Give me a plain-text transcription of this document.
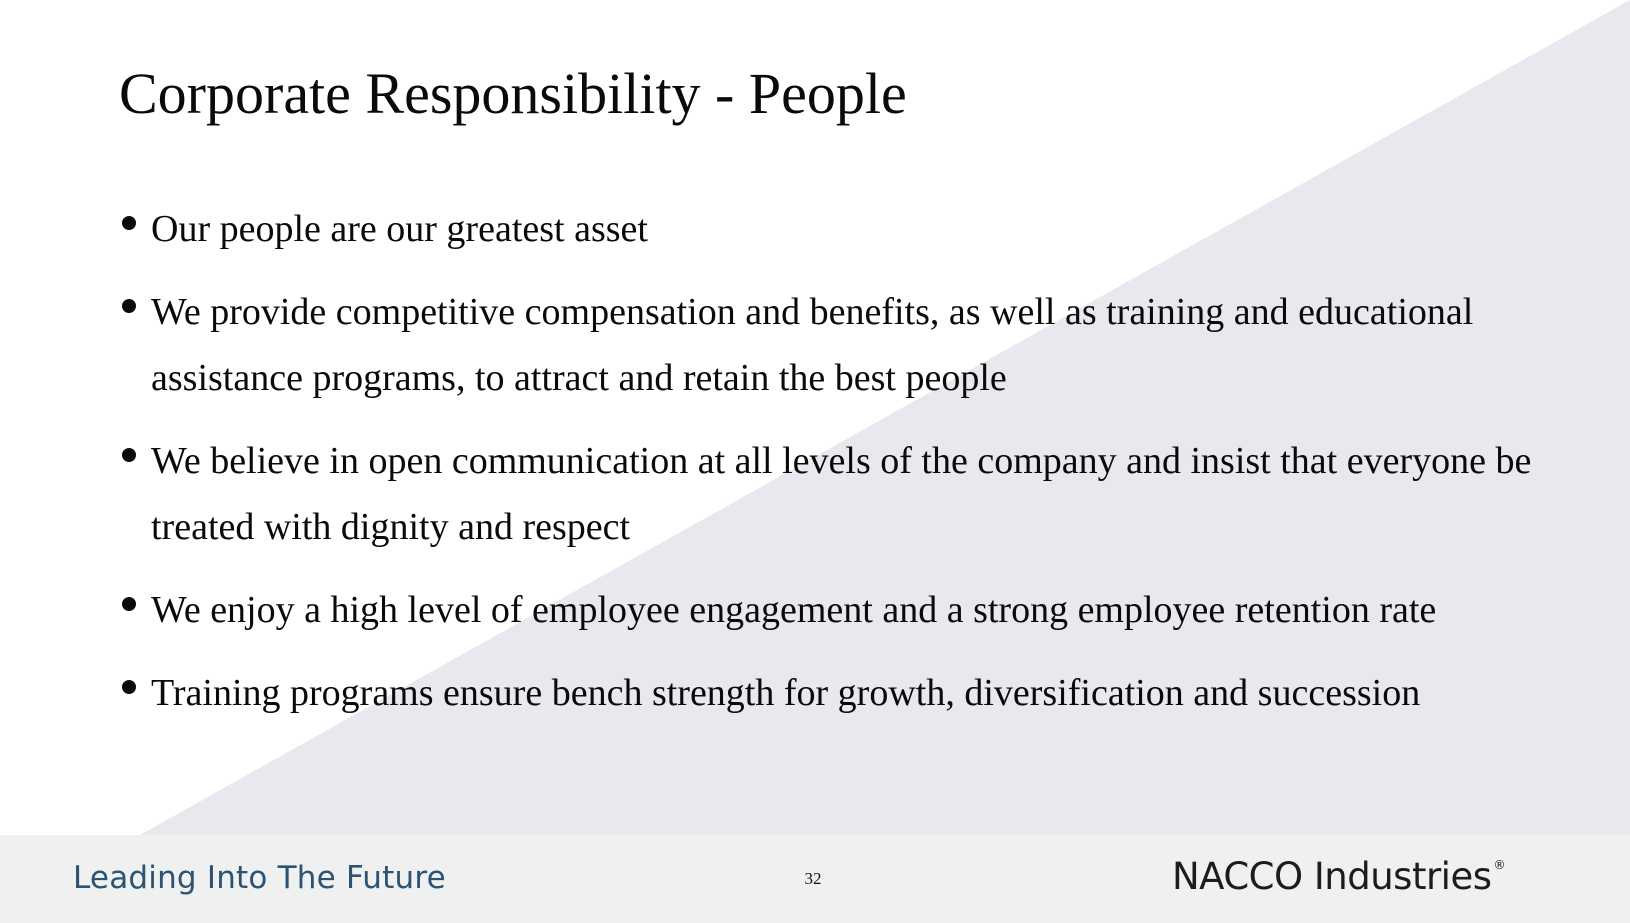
Corporate Responsibility - People
Our people are our greatest asset
We provide competitive compensation and benefits, as well as training and educational assistance programs, to attract and retain the best people
We believe in open communication at all levels of the company and insist that everyone be treated with dignity and respect
We enjoy a high level of employee engagement and a strong employee retention rate
Training programs ensure bench strength for growth, diversification and succession
Leading Into The Future	32	NACCO Industries ®
